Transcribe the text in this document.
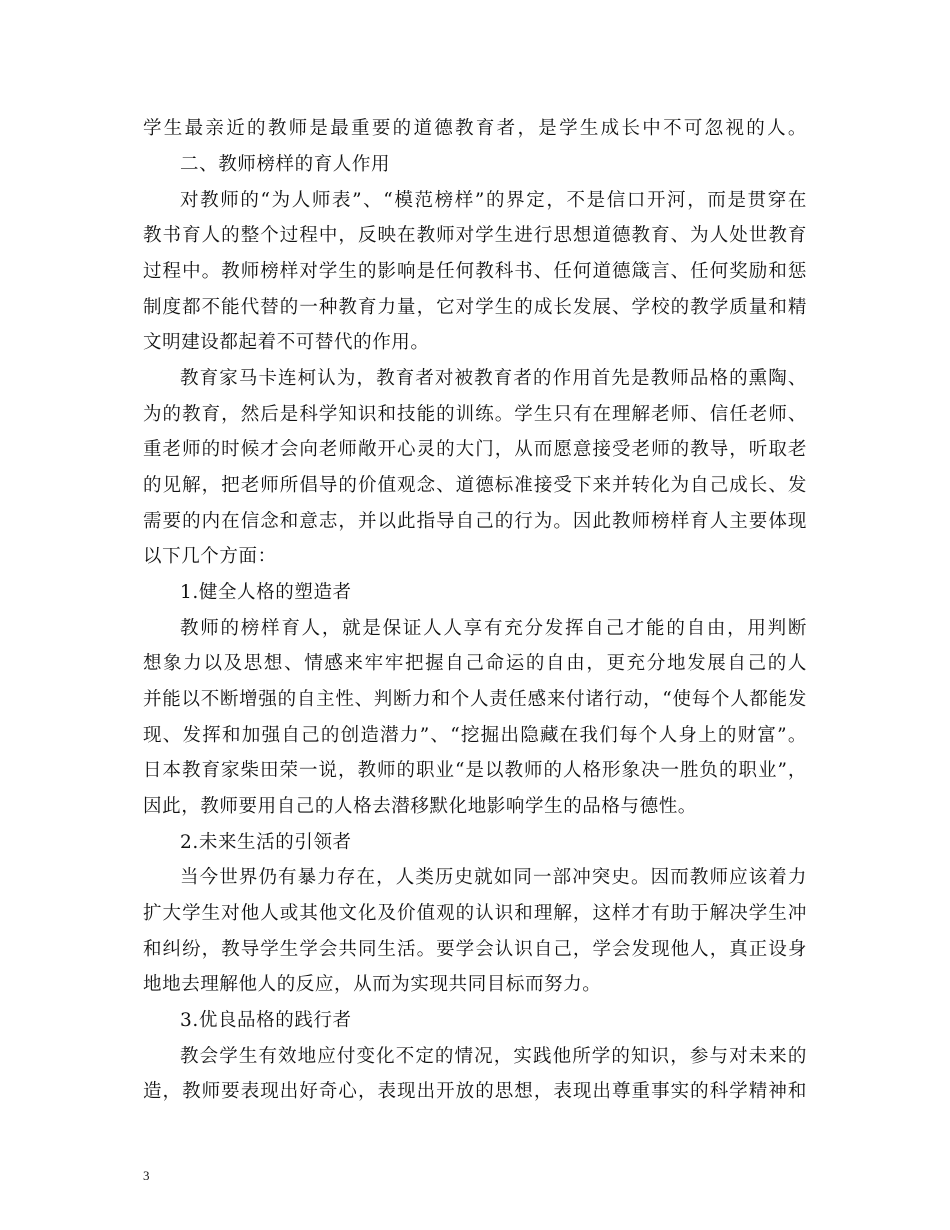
学生最亲近的教师是最重要的道德教育者，是学生成长中不可忽视的人。
二、教师榜样的育人作用
对教师的“为人师表”、“模范榜样”的界定，不是信口开河，而是贯穿在
教书育人的整个过程中，反映在教师对学生进行思想道德教育、为人处世教育
过程中。教师榜样对学生的影响是任何教科书、任何道德箴言、任何奖励和惩
制度都不能代替的一种教育力量，它对学生的成长发展、学校的教学质量和精
文明建设都起着不可替代的作用。
教育家马卡连柯认为，教育者对被教育者的作用首先是教师品格的熏陶、
为的教育，然后是科学知识和技能的训练。学生只有在理解老师、信任老师、
重老师的时候才会向老师敞开心灵的大门，从而愿意接受老师的教导，听取老
的见解，把老师所倡导的价值观念、道德标准接受下来并转化为自己成长、发
需要的内在信念和意志，并以此指导自己的行为。因此教师榜样育人主要体现
以下几个方面：
1.健全人格的塑造者
教师的榜样育人，就是保证人人享有充分发挥自己才能的自由，用判断
想象力以及思想、情感来牢牢把握自己命运的自由，更充分地发展自己的人
并能以不断增强的自主性、判断力和个人责任感来付诸行动，“使每个人都能发
现、发挥和加强自己的创造潜力”、“挖掘出隐藏在我们每个人身上的财富”。
日本教育家柴田荣一说，教师的职业“是以教师的人格形象决一胜负的职业”，
因此，教师要用自己的人格去潜移默化地影响学生的品格与德性。
2.未来生活的引领者
当今世界仍有暴力存在，人类历史就如同一部冲突史。因而教师应该着力
扩大学生对他人或其他文化及价值观的认识和理解，这样才有助于解决学生冲
和纠纷，教导学生学会共同生活。要学会认识自己，学会发现他人，真正设身
地地去理解他人的反应，从而为实现共同目标而努力。
3.优良品格的践行者
教会学生有效地应付变化不定的情况，实践他所学的知识，参与对未来的
造，教师要表现出好奇心，表现出开放的思想，表现出尊重事实的科学精神和
3
